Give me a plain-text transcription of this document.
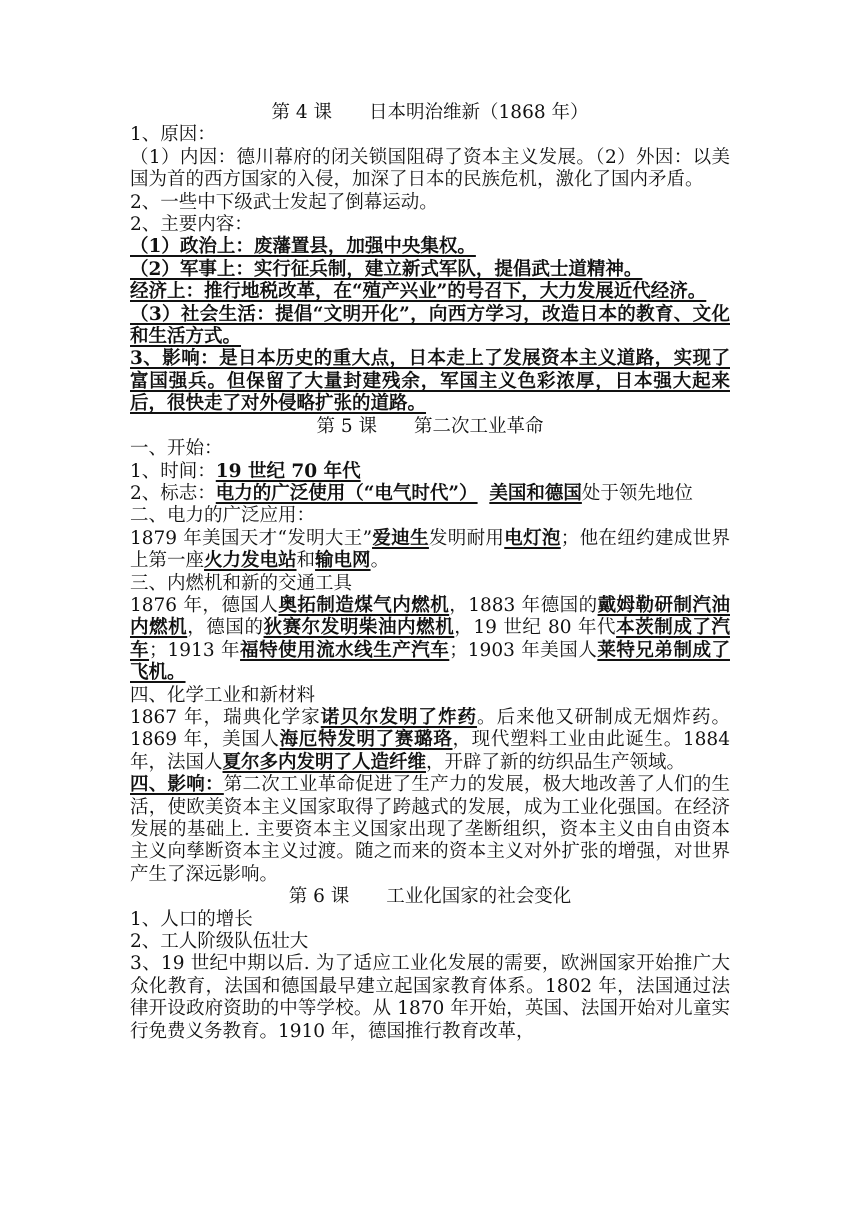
第 4 课　　日本明治维新（1868 年）
1、原因：
（1）内因：德川幕府的闭关锁国阻碍了资本主义发展。（2）外因：以美国为首的西方国家的入侵，加深了日本的民族危机，激化了国内矛盾。
2、一些中下级武士发起了倒幕运动。
2、主要内容：
（1）政治上：废藩置县，加强中央集权。
（2）军事上：实行征兵制，建立新式军队，提倡武士道精神。
经济上：推行地税改革，在“殖产兴业”的号召下，大力发展近代经济。
（3）社会生活：提倡“文明开化”，向西方学习，改造日本的教育、文化和生活方式。
3、影响：是日本历史的重大点，日本走上了发展资本主义道路，实现了富国强兵。但保留了大量封建残余，军国主义色彩浓厚，日本强大起来后，很快走了对外侵略扩张的道路。
第 5 课　　第二次工业革命
一、开始：
1、时间：19 世纪 70 年代
2、标志：电力的广泛使用（“电气时代”） 美国和德国处于领先地位
二、电力的广泛应用：
1879 年美国天才“发明大王”爱迪生发明耐用电灯泡；他在纽约建成世界上第一座火力发电站和输电网。
三、内燃机和新的交通工具
1876 年，德国人奥拓制造煤气内燃机，1883 年德国的戴姆勒研制汽油内燃机，德国的狄赛尔发明柴油内燃机，19 世纪 80 年代本茨制成了汽车；1913 年福特使用流水线生产汽车；1903 年美国人莱特兄弟制成了飞机。
四、化学工业和新材料
1867 年，瑞典化学家诺贝尔发明了炸药。后来他又研制成无烟炸药。1869 年，美国人海厄特发明了赛璐珞，现代塑料工业由此诞生。1884 年，法国人夏尔多内发明了人造纤维，开辟了新的纺织品生产领域。
四、影响：第二次工业革命促进了生产力的发展，极大地改善了人们的生活，使欧美资本主义国家取得了跨越式的发展，成为工业化强国。在经济发展的基础上. 主要资本主义国家出现了垄断组织，资本主义由自由资本主义向孳断资本主义过渡。随之而来的资本主义对外扩张的增强，对世界产生了深远影响。
第 6 课　　工业化国家的社会变化
1、人口的增长
2、工人阶级队伍壮大
3、19 世纪中期以后. 为了适应工业化发展的需要，欧洲国家开始推广大众化教育，法国和德国最早建立起国家教育体系。1802 年，法国通过法律开设政府资助的中等学校。从 1870 年开始，英国、法国开始对儿童实行免费义务教育。1910 年，德国推行教育改革，
